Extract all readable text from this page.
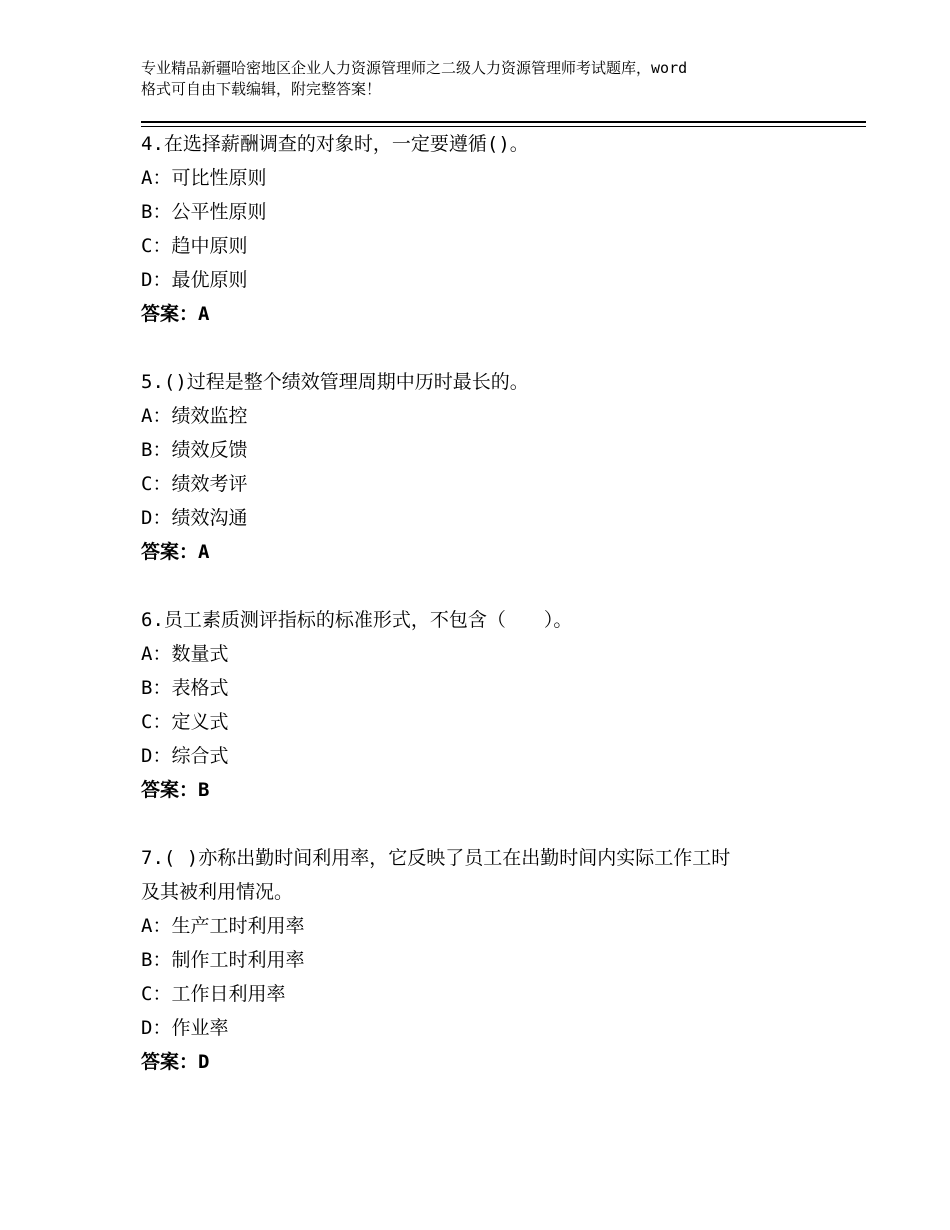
专业精品新疆哈密地区企业人力资源管理师之二级人力资源管理师考试题库，word
格式可自由下载编辑，附完整答案！
4.在选择薪酬调查的对象时，一定要遵循()。
A：可比性原则
B：公平性原则
C：趋中原则
D：最优原则
答案：A
5.()过程是整个绩效管理周期中历时最长的。
A：绩效监控
B：绩效反馈
C：绩效考评
D：绩效沟通
答案：A
6.员工素质测评指标的标准形式，不包含（　　）。
A：数量式
B：表格式
C：定义式
D：综合式
答案：B
7.( )亦称出勤时间利用率，它反映了员工在出勤时间内实际工作工时
及其被利用情况。
A：生产工时利用率
B：制作工时利用率
C：工作日利用率
D：作业率
答案：D
